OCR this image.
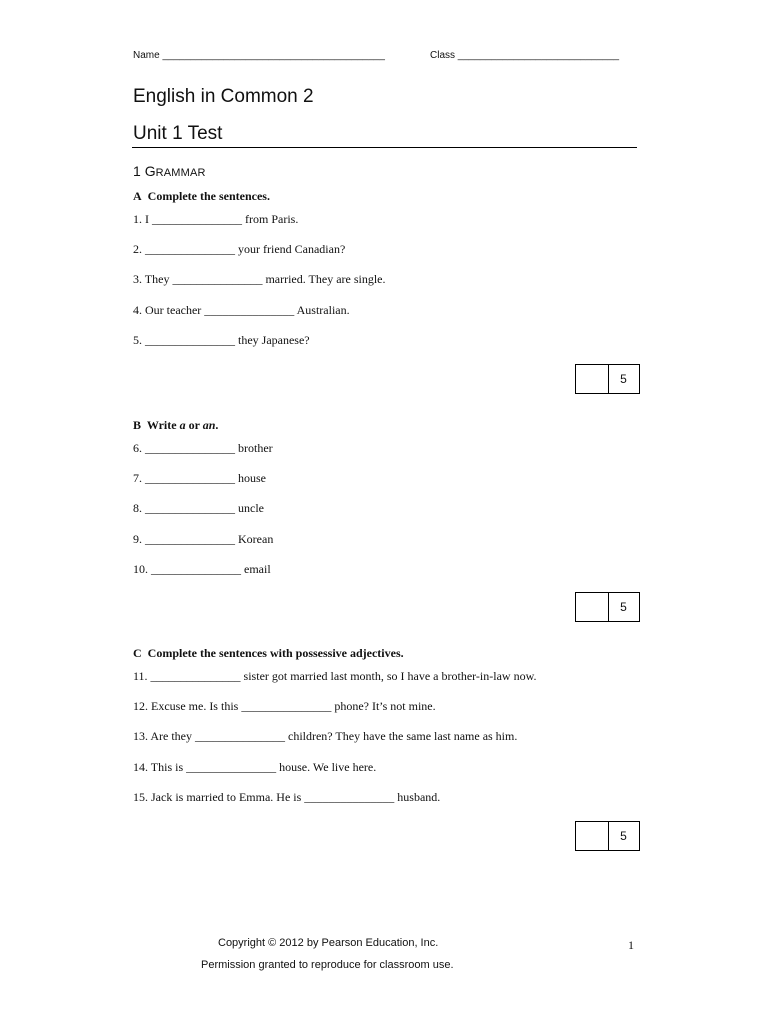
Name ________________________________________	Class _____________________________
English in Common 2
Unit 1 Test
1 GRAMMAR
A Complete the sentences.
1. I _______________ from Paris.
2. _______________ your friend Canadian?
3. They _______________ married. They are single.
4. Our teacher _______________ Australian.
5. _______________ they Japanese?
5
B Write a or an.
6. _______________ brother
7. _______________ house
8. _______________ uncle
9. _______________ Korean
10. _______________ email
5
C Complete the sentences with possessive adjectives.
11. _______________ sister got married last month, so I have a brother-in-law now.
12. Excuse me. Is this _______________ phone? It’s not mine.
13. Are they _______________ children? They have the same last name as him.
14. This is _______________ house. We live here.
15. Jack is married to Emma. He is _______________ husband.
5
Copyright © 2012 by Pearson Education, Inc.
Permission granted to reproduce for classroom use.
1
